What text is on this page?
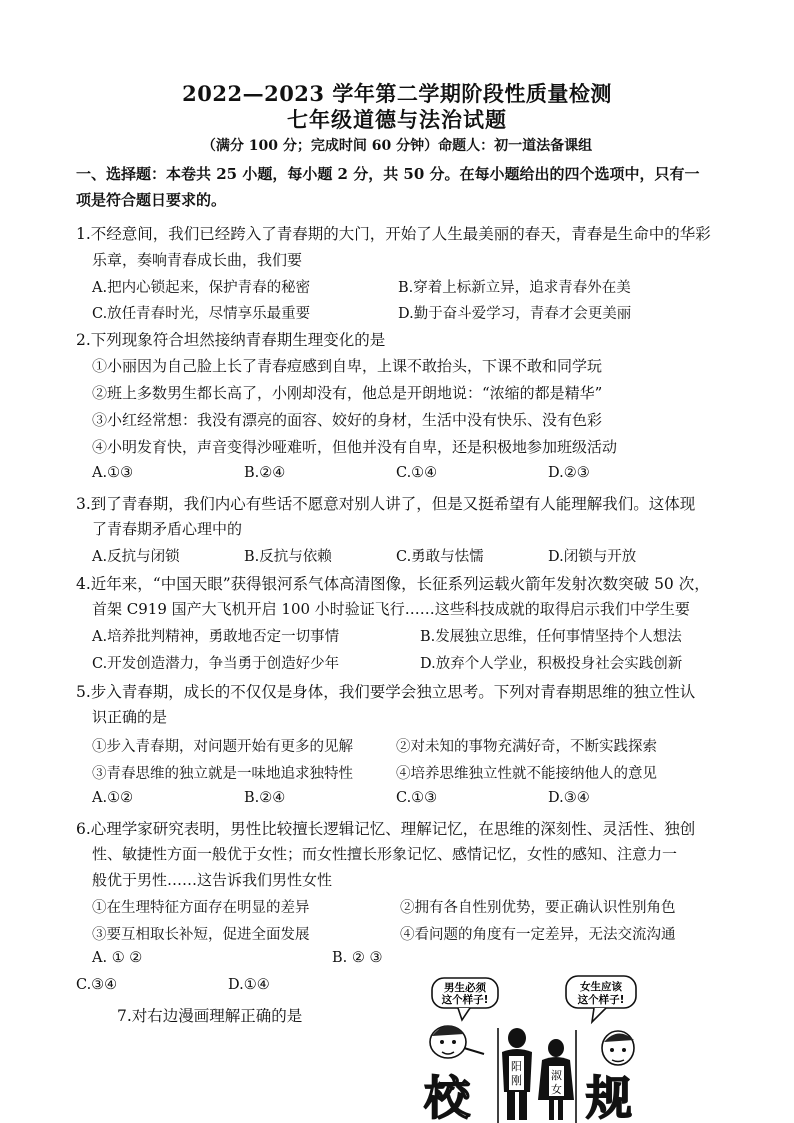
2022—2023 学年第二学期阶段性质量检测
七年级道德与法治试题
（满分 100 分；完成时间 60 分钟）命题人：初一道法备课组
一、选择题：本卷共 25 小题，每小题 2 分，共 50 分。在每小题给出的四个选项中，只有一
项是符合题日要求的。
1.不经意间，我们已经跨入了青春期的大门，开始了人生最美丽的春天，青春是生命中的华彩
乐章，奏响青春成长曲，我们要
A.把内心锁起来，保护青春的秘密	B.穿着上标新立异，追求青春外在美
C.放任青春时光，尽情享乐最重要	D.勤于奋斗爱学习，青春才会更美丽
2.下列现象符合坦然接纳青春期生理变化的是
①小丽因为自己脸上长了青春痘感到自卑，上课不敢抬头，下课不敢和同学玩
②班上多数男生都长高了，小刚却没有，他总是开朗地说：“浓缩的都是精华”
③小红经常想：我没有漂亮的面容、姣好的身材，生活中没有快乐、没有色彩
④小明发育快，声音变得沙哑难听，但他并没有自卑，还是积极地参加班级活动
A.①③	B.②④	C.①④	D.②③
3.到了青春期，我们内心有些话不愿意对别人讲了，但是又挺希望有人能理解我们。这体现
了青春期矛盾心理中的
A.反抗与闭锁	B.反抗与依赖	C.勇敢与怯懦	D.闭锁与开放
4.近年来，“中国天眼”获得银河系气体高清图像，长征系列运载火箭年发射次数突破 50 次，
首架 C919 国产大飞机开启 100 小时验证飞行……这些科技成就的取得启示我们中学生要
A.培养批判精神，勇敢地否定一切事情	B.发展独立思维，任何事情坚持个人想法
C.开发创造潜力，争当勇于创造好少年	D.放弃个人学业，积极投身社会实践创新
5.步入青春期，成长的不仅仅是身体，我们要学会独立思考。下列对青春期思维的独立性认
识正确的是
①步入青春期，对问题开始有更多的见解	②对未知的事物充满好奇，不断实践探索
③青春思维的独立就是一味地追求独特性	④培养思维独立性就不能接纳他人的意见
A.①②	B.②④	C.①③	D.③④
6.心理学家研究表明，男性比较擅长逻辑记忆、理解记忆，在思维的深刻性、灵活性、独创
性、敏捷性方面一般优于女性；而女性擅长形象记忆、感情记忆，女性的感知、注意力一
般优于男性……这告诉我们男性女性
①在生理特征方面存在明显的差异	②拥有各自性别优势，要正确认识性别角色
③要互相取长补短，促进全面发展	④看问题的角度有一定差异，无法交流沟通
A. ① ②	B. ② ③
C.③④	D.①④
7.对右边漫画理解正确的是
男生必须
这个样子!
女生应该
这个样子!
校
阳
刚	淑
女 规
